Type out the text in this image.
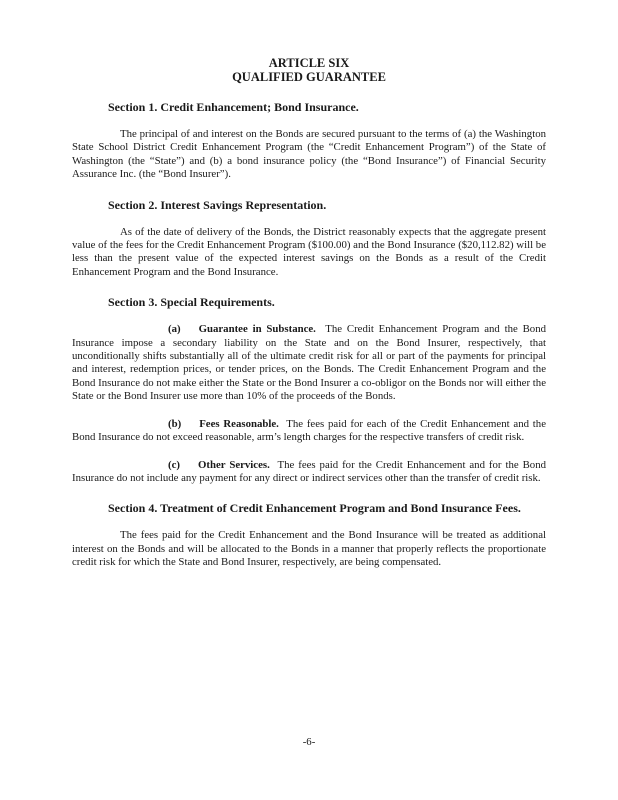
ARTICLE SIX
QUALIFIED GUARANTEE

Section 1. Credit Enhancement; Bond Insurance.

The principal of and interest on the Bonds are secured pursuant to the terms of (a) the Washington State School District Credit Enhancement Program (the “Credit Enhancement Program”) of the State of Washington (the “State”) and (b) a bond insurance policy (the “Bond Insurance”) of Financial Security Assurance Inc. (the “Bond Insurer”).

Section 2. Interest Savings Representation.

As of the date of delivery of the Bonds, the District reasonably expects that the aggregate present value of the fees for the Credit Enhancement Program ($100.00) and the Bond Insurance ($20,112.82) will be less than the present value of the expected interest savings on the Bonds as a result of the Credit Enhancement Program and the Bond Insurance.

Section 3. Special Requirements.

(a) Guarantee in Substance. The Credit Enhancement Program and the Bond Insurance impose a secondary liability on the State and on the Bond Insurer, respectively, that unconditionally shifts substantially all of the ultimate credit risk for all or part of the payments for principal and interest, redemption prices, or tender prices, on the Bonds. The Credit Enhancement Program and the Bond Insurance do not make either the State or the Bond Insurer a co-obligor on the Bonds nor will either the State or the Bond Insurer use more than 10% of the proceeds of the Bonds.

(b) Fees Reasonable. The fees paid for each of the Credit Enhancement and the Bond Insurance do not exceed reasonable, arm’s length charges for the respective transfers of credit risk.

(c) Other Services. The fees paid for the Credit Enhancement and for the Bond Insurance do not include any payment for any direct or indirect services other than the transfer of credit risk.

Section 4. Treatment of Credit Enhancement Program and Bond Insurance Fees.

The fees paid for the Credit Enhancement and the Bond Insurance will be treated as additional interest on the Bonds and will be allocated to the Bonds in a manner that properly reflects the proportionate credit risk for which the State and Bond Insurer, respectively, are being compensated.

-6-
